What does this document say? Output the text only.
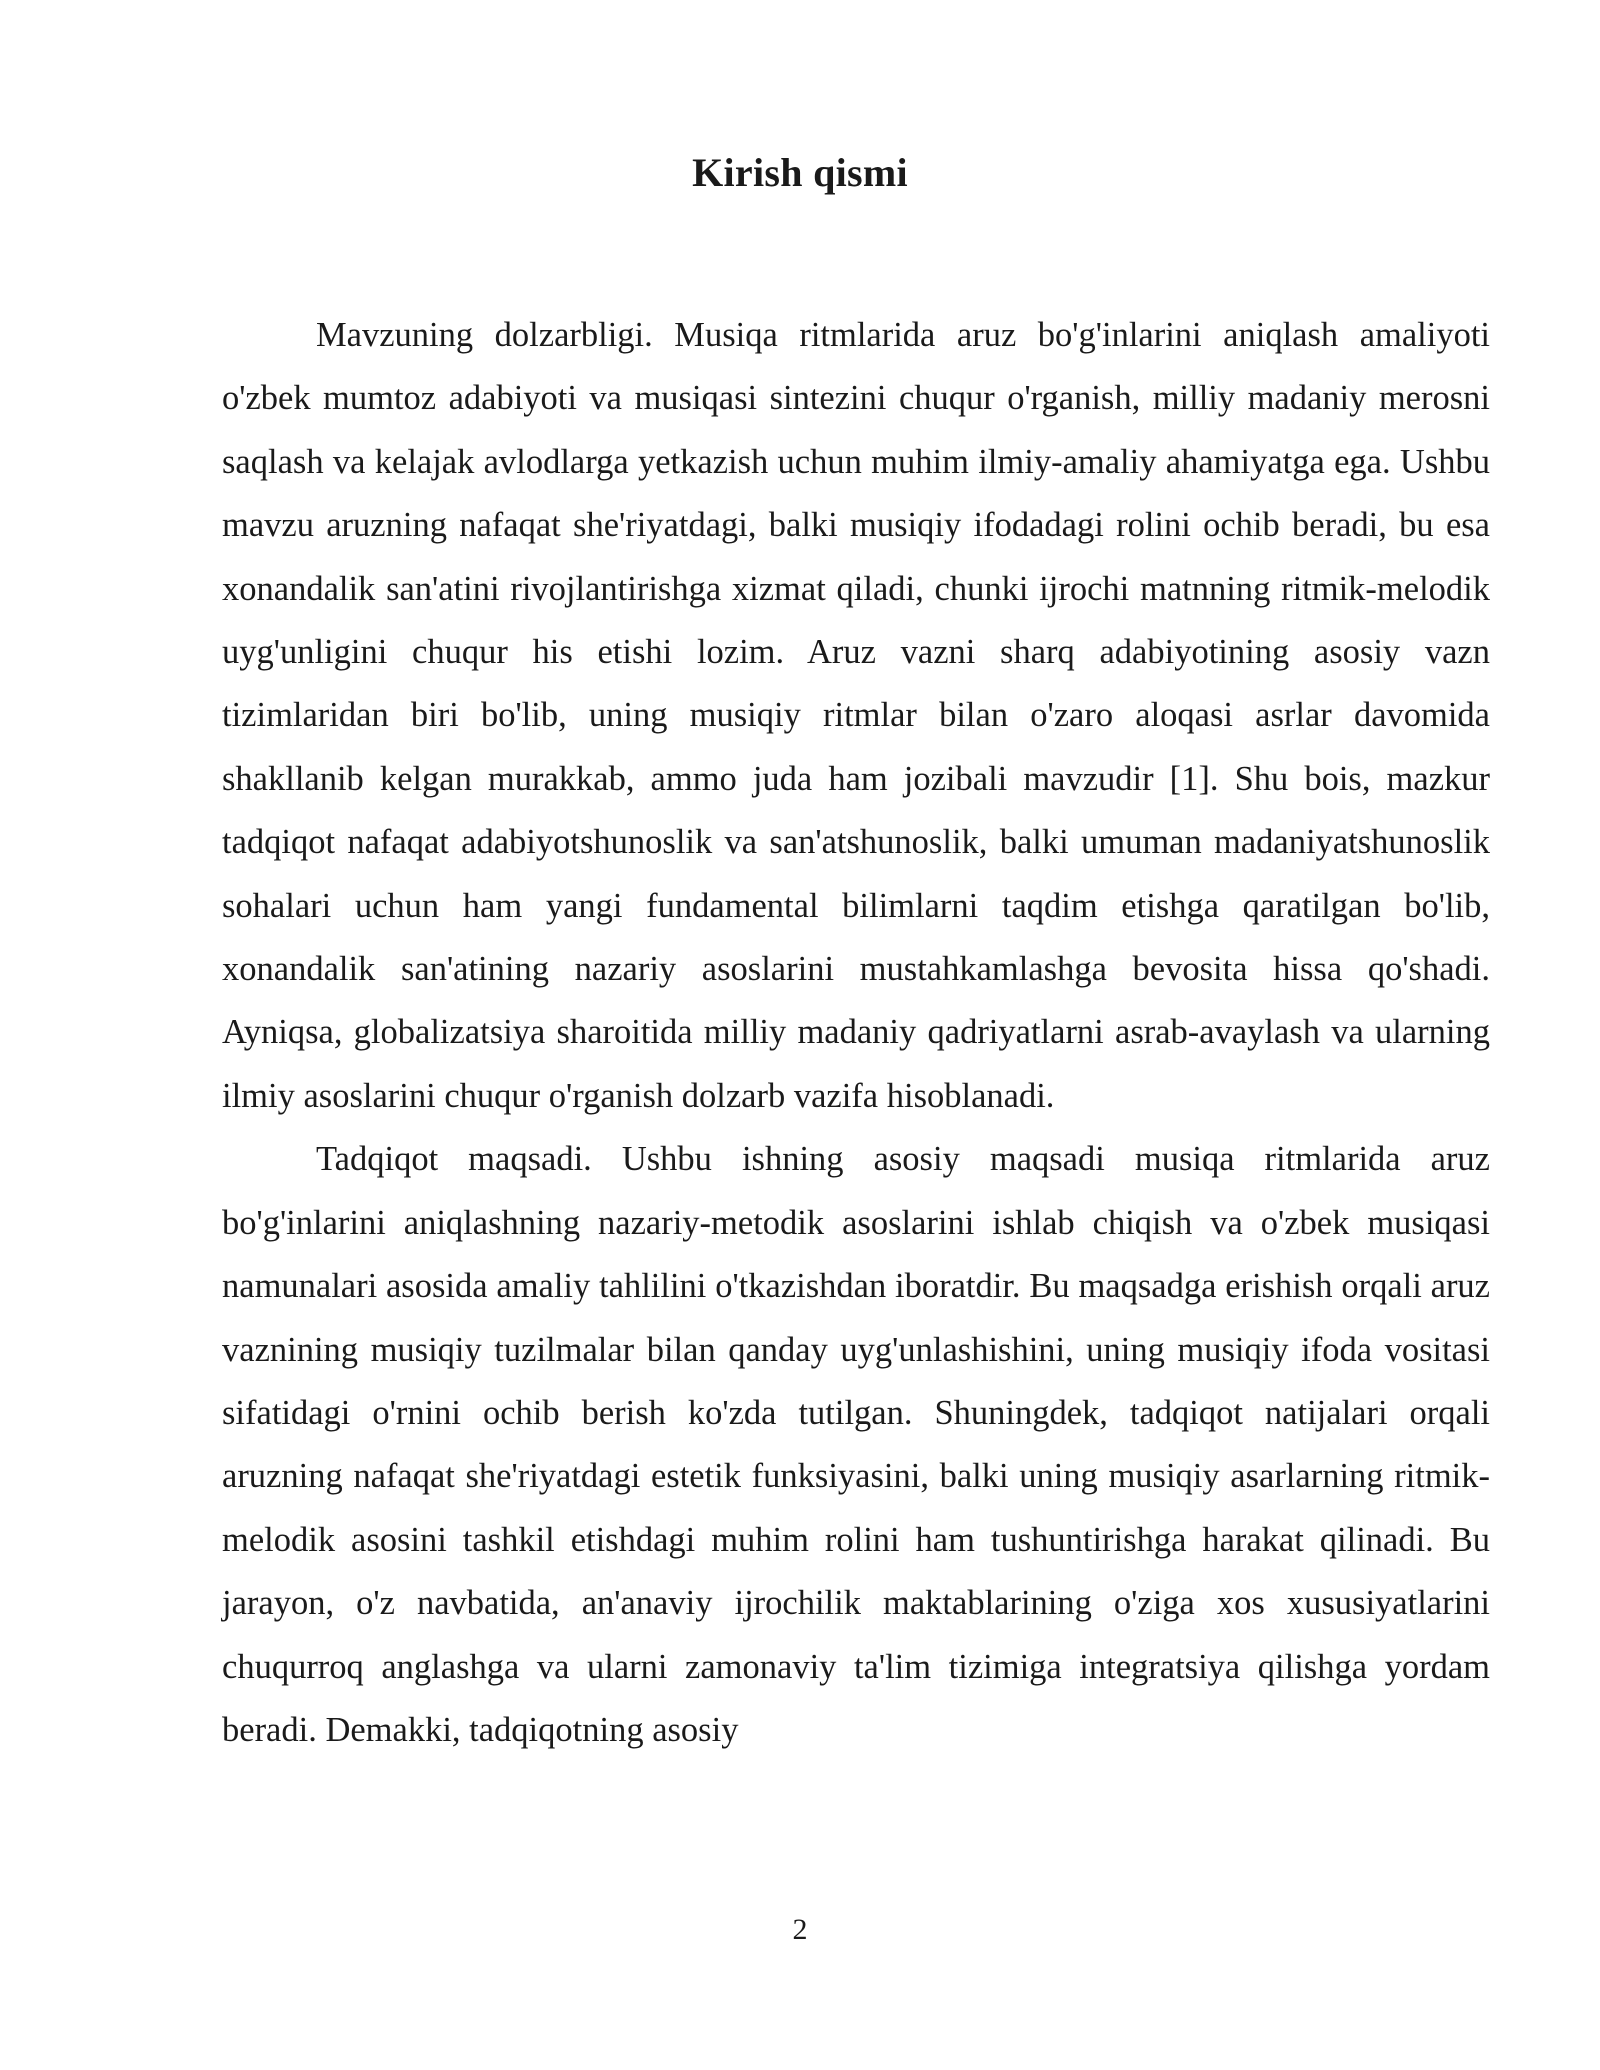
Kirish qismi

Mavzuning dolzarbligi. Musiqa ritmlarida aruz bo'g'inlarini aniqlash amaliyoti o'zbek mumtoz adabiyoti va musiqasi sintezini chuqur o'rganish, milliy madaniy merosni saqlash va kelajak avlodlarga yetkazish uchun muhim ilmiy-amaliy ahamiyatga ega. Ushbu mavzu aruzning nafaqat she'riyatdagi, balki musiqiy ifodadagi rolini ochib beradi, bu esa xonandalik san'atini rivojlantirishga xizmat qiladi, chunki ijrochi matnning ritmik-melodik uyg'unligini chuqur his etishi lozim. Aruz vazni sharq adabiyotining asosiy vazn tizimlaridan biri bo'lib, uning musiqiy ritmlar bilan o'zaro aloqasi asrlar davomida shakllanib kelgan murakkab, ammo juda ham jozibali mavzudir [1]. Shu bois, mazkur tadqiqot nafaqat adabiyotshunoslik va san'atshunoslik, balki umuman madaniyatshunoslik sohalari uchun ham yangi fundamental bilimlarni taqdim etishga qaratilgan bo'lib, xonandalik san'atining nazariy asoslarini mustahkamlashga bevosita hissa qo'shadi. Ayniqsa, globalizatsiya sharoitida milliy madaniy qadriyatlarni asrab-avaylash va ularning ilmiy asoslarini chuqur o'rganish dolzarb vazifa hisoblanadi.

Tadqiqot maqsadi. Ushbu ishning asosiy maqsadi musiqa ritmlarida aruz bo'g'inlarini aniqlashning nazariy-metodik asoslarini ishlab chiqish va o'zbek musiqasi namunalari asosida amaliy tahlilini o'tkazishdan iboratdir. Bu maqsadga erishish orqali aruz vaznining musiqiy tuzilmalar bilan qanday uyg'unlashishini, uning musiqiy ifoda vositasi sifatidagi o'rnini ochib berish ko'zda tutilgan. Shuningdek, tadqiqot natijalari orqali aruzning nafaqat she'riyatdagi estetik funksiyasini, balki uning musiqiy asarlarning ritmik-melodik asosini tashkil etishdagi muhim rolini ham tushuntirishga harakat qilinadi. Bu jarayon, o'z navbatida, an'anaviy ijrochilik maktablarining o'ziga xos xususiyatlarini chuqurroq anglashga va ularni zamonaviy ta'lim tizimiga integratsiya qilishga yordam beradi. Demakki, tadqiqotning asosiy

2
